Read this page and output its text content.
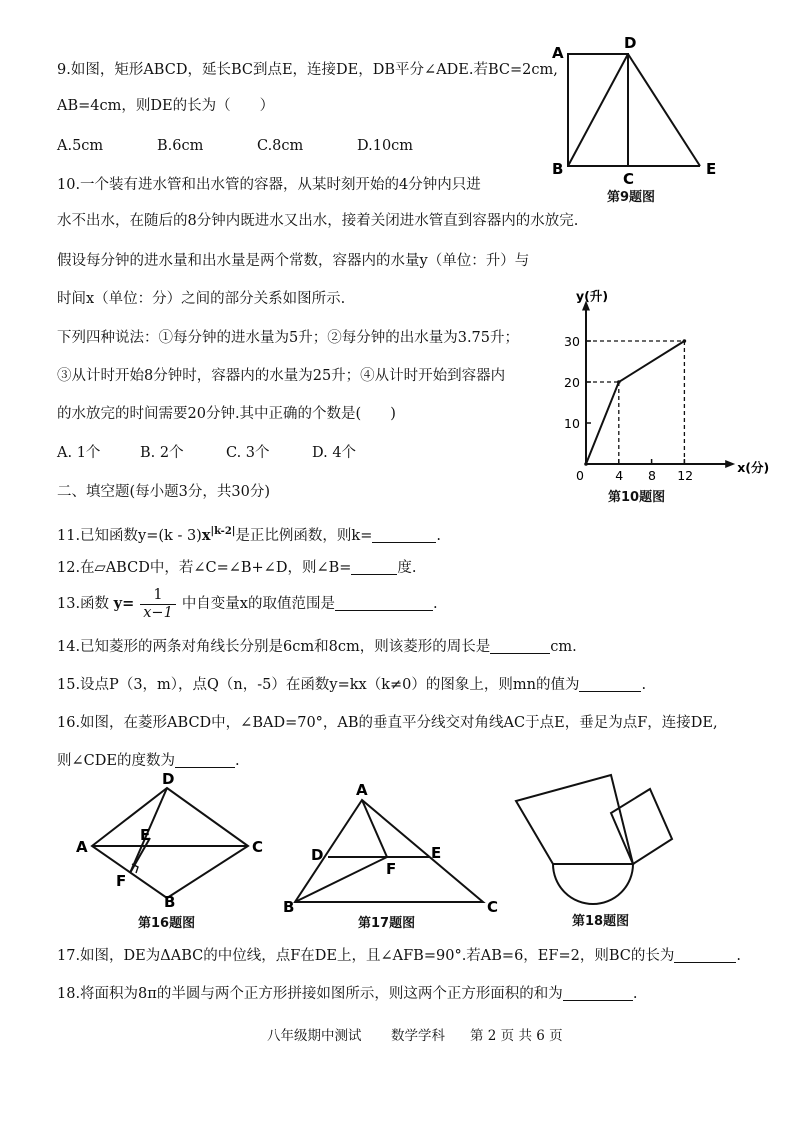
9.如图，矩形ABCD，延长BC到点E，连接DE，DB平分∠ADE.若BC=2cm,
AB=4cm，则DE的长为（　　）
A.5cm	B.6cm	C.8cm	D.10cm
A
D
B
C
E
第9题图
10.一个装有进水管和出水管的容器，从某时刻开始的4分钟内只进
水不出水，在随后的8分钟内既进水又出水，接着关闭进水管直到容器内的水放完.
假设每分钟的进水量和出水量是两个常数，容器内的水量y（单位：升）与
时间x（单位：分）之间的部分关系如图所示.
下列四种说法：①每分钟的进水量为5升；②每分钟的出水量为3.75升；
③从计时开始8分钟时，容器内的水量为25升；④从计时开始到容器内
的水放完的时间需要20分钟.其中正确的个数是(　　)
A. 1个	B. 2个	C. 3个	D. 4个
0 4 8 12
10
20
30
y(升)
x(分)
第10题图
二、填空题(每小题3分，共30分)
11.已知函数$y=(k - 3)x^{|k-2|}$是正比例函数，则k=	.
12.在▱ABCD中，若∠C=∠B+∠D，则∠B=	度.
13.函数 $y= \frac{1}{x-1}$ 中自变量x的取值范围是	.
14.已知菱形的两条对角线长分别是6cm和8cm，则该菱形的周长是	cm.
15.设点P（3，m），点Q（n，-5）在函数y=kx（k≠0）的图象上，则mn的值为	.
16.如图，在菱形ABCD中，∠BAD=70°，AB的垂直平分线交对角线AC于点E，垂足为点F，连接DE,
则∠CDE的度数为	.
A
D
C
B
E
F
第16题图
A
D	E
F
B	C
第17题图	第18题图
17.如图，DE为ΔABC的中位线，点F在DE上，且∠AFB=90°.若AB=6，EF=2，则BC的长为	.
18.将面积为8π的半圆与两个正方形拼接如图所示，则这两个正方形面积的和为	.
八年级期中测试 数学学科 第 2 页 共 6 页
